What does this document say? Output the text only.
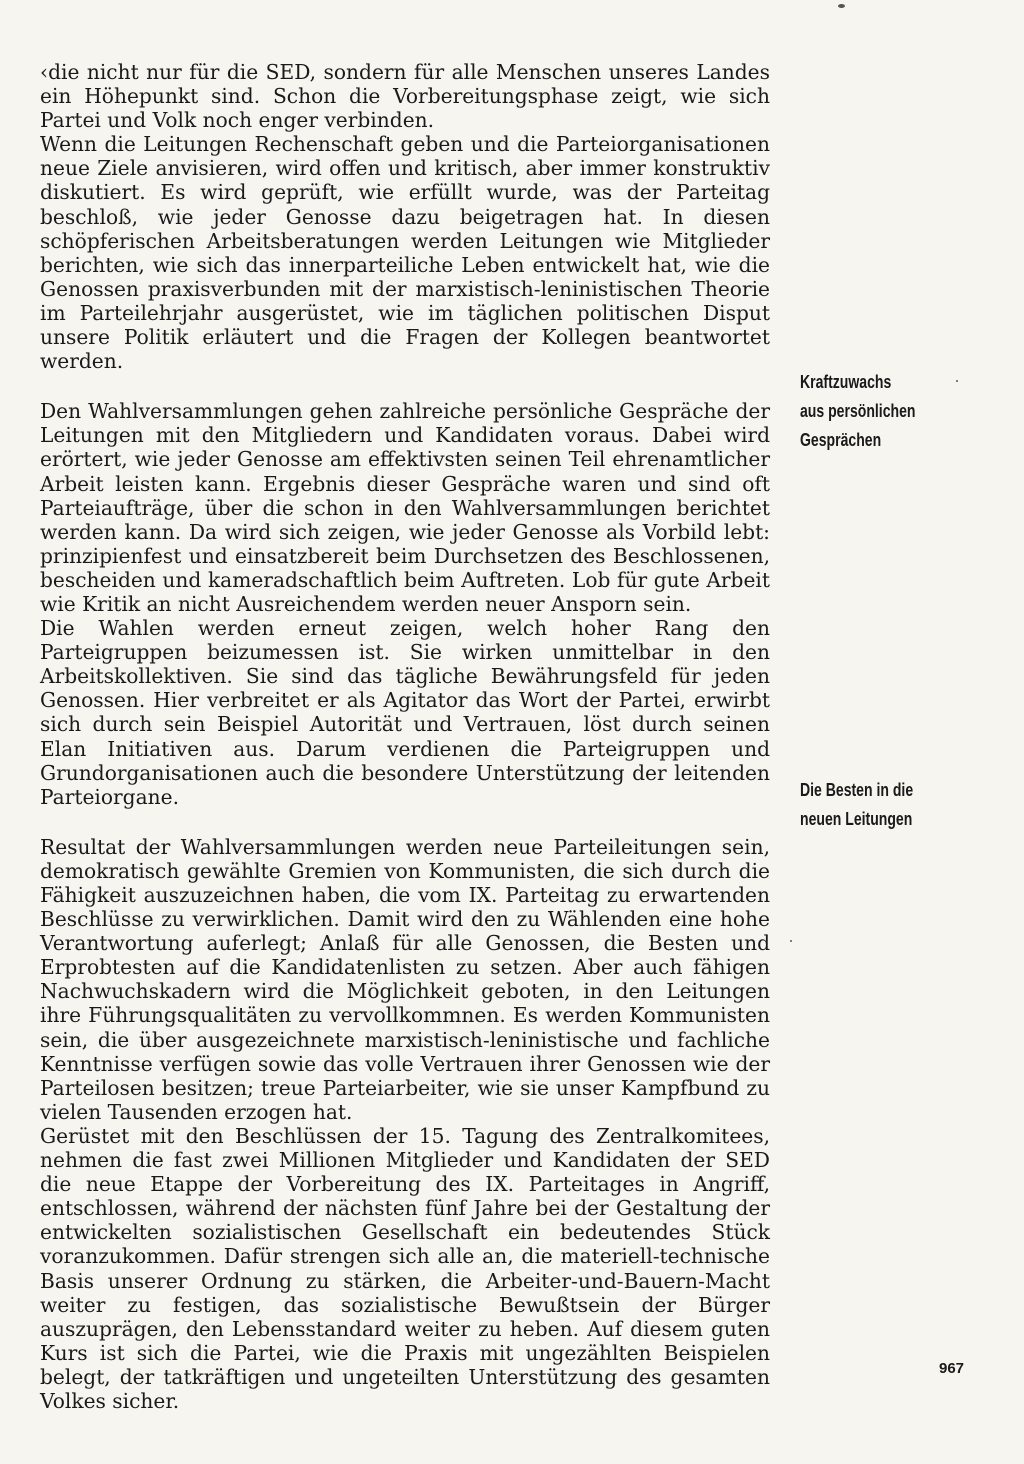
‹die nicht nur für die SED, sondern für alle Menschen unseres Landes ein Höhepunkt sind. Schon die Vorbereitungsphase zeigt, wie sich Partei und Volk noch enger verbinden.

Wenn die Leitungen Rechenschaft geben und die Parteiorganisationen neue Ziele anvisieren, wird offen und kritisch, aber immer konstruktiv diskutiert. Es wird geprüft, wie erfüllt wurde, was der Parteitag beschloß, wie jeder Genosse dazu beigetragen hat. In diesen schöpferischen Arbeitsberatungen werden Leitungen wie Mitglieder berichten, wie sich das innerparteiliche Leben entwickelt hat, wie die Genossen praxisverbunden mit der marxistisch-leninistischen Theorie im Parteilehrjahr ausgerüstet, wie im täglichen politischen Disput unsere Politik erläutert und die Fragen der Kollegen beantwortet werden.

Den Wahlversammlungen gehen zahlreiche persönliche Gespräche der Leitungen mit den Mitgliedern und Kandidaten voraus. Dabei wird erörtert, wie jeder Genosse am effektivsten seinen Teil ehrenamtlicher Arbeit leisten kann. Ergebnis dieser Gespräche waren und sind oft Parteiaufträge, über die schon in den Wahlversammlungen berichtet werden kann. Da wird sich zeigen, wie jeder Genosse als Vorbild lebt: prinzipienfest und einsatzbereit beim Durchsetzen des Beschlossenen, bescheiden und kameradschaftlich beim Auftreten. Lob für gute Arbeit wie Kritik an nicht Ausreichendem werden neuer Ansporn sein.

Die Wahlen werden erneut zeigen, welch hoher Rang den Parteigruppen beizumessen ist. Sie wirken unmittelbar in den Arbeitskollektiven. Sie sind das tägliche Bewährungsfeld für jeden Genossen. Hier verbreitet er als Agitator das Wort der Partei, erwirbt sich durch sein Beispiel Autorität und Vertrauen, löst durch seinen Elan Initiativen aus. Darum verdienen die Parteigruppen und Grundorganisationen auch die besondere Unterstützung der leitenden Parteiorgane.

Resultat der Wahlversammlungen werden neue Parteileitungen sein, demokratisch gewählte Gremien von Kommunisten, die sich durch die Fähigkeit auszuzeichnen haben, die vom IX. Parteitag zu erwartenden Beschlüsse zu verwirklichen. Damit wird den zu Wählenden eine hohe Verantwortung auferlegt; Anlaß für alle Genossen, die Besten und Erprobtesten auf die Kandidatenlisten zu setzen. Aber auch fähigen Nachwuchskadern wird die Möglichkeit geboten, in den Leitungen ihre Führungsqualitäten zu vervollkommnen. Es werden Kommunisten sein, die über ausgezeichnete marxistisch-leninistische und fachliche Kenntnisse verfügen sowie das volle Vertrauen ihrer Genossen wie der Parteilosen besitzen; treue Parteiarbeiter, wie sie unser Kampfbund zu vielen Tausenden erzogen hat.

Gerüstet mit den Beschlüssen der 15. Tagung des Zentralkomitees, nehmen die fast zwei Millionen Mitglieder und Kandidaten der SED die neue Etappe der Vorbereitung des IX. Parteitages in Angriff, entschlossen, während der nächsten fünf Jahre bei der Gestaltung der entwickelten sozialistischen Gesellschaft ein bedeutendes Stück voranzukommen. Dafür strengen sich alle an, die materiell-technische Basis unserer Ordnung zu stärken, die Arbeiter-und-Bauern-Macht weiter zu festigen, das sozialistische Bewußtsein der Bürger auszuprägen, den Lebensstandard weiter zu heben. Auf diesem guten Kurs ist sich die Partei, wie die Praxis mit ungezählten Beispielen belegt, der tatkräftigen und ungeteilten Unterstützung des gesamten Volkes sicher.

Kraftzuwachs
aus persönlichen
Gesprächen
Die Besten in die
neuen Leitungen
967
